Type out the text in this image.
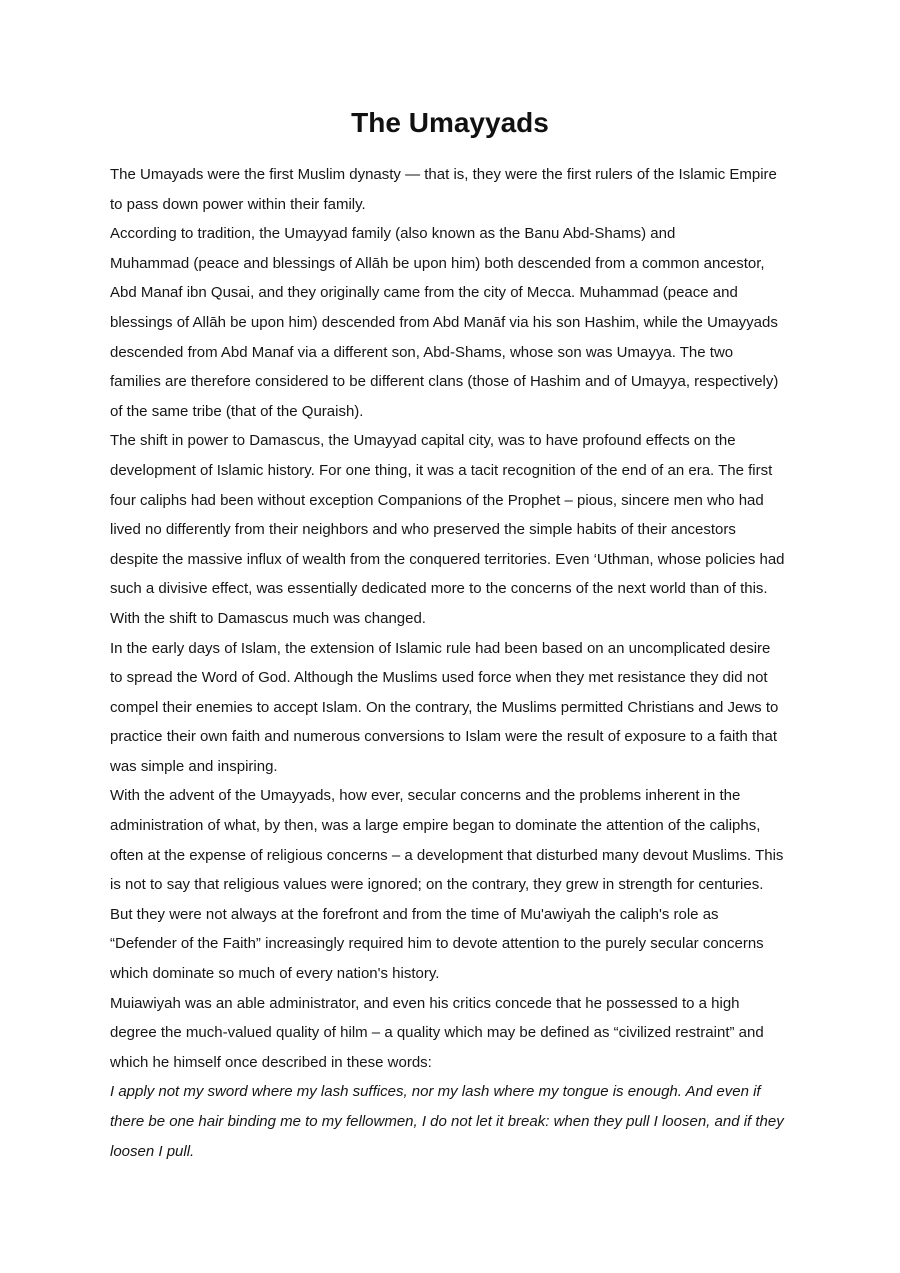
The Umayyads

The Umayads were the first Muslim dynasty — that is, they were the first rulers of the Islamic Empire
to pass down power within their family.

According to tradition, the Umayyad family (also known as the Banu Abd-Shams) and
Muhammad (peace and blessings of Allāh be upon him) both descended from a common ancestor,
Abd Manaf ibn Qusai, and they originally came from the city of Mecca. Muhammad (peace and
blessings of Allāh be upon him) descended from Abd Manāf via his son Hashim, while the Umayyads
descended from Abd Manaf via a different son, Abd-Shams, whose son was Umayya. The two
families are therefore considered to be different clans (those of Hashim and of Umayya, respectively)
of the same tribe (that of the Quraish).

The shift in power to Damascus, the Umayyad capital city, was to have profound effects on the
development of Islamic history. For one thing, it was a tacit recognition of the end of an era. The first
four caliphs had been without exception Companions of the Prophet – pious, sincere men who had
lived no differently from their neighbors and who preserved the simple habits of their ancestors
despite the massive influx of wealth from the conquered territories. Even ‘Uthman, whose policies had
such a divisive effect, was essentially dedicated more to the concerns of the next world than of this.
With the shift to Damascus much was changed.

In the early days of Islam, the extension of Islamic rule had been based on an uncomplicated desire
to spread the Word of God. Although the Muslims used force when they met resistance they did not
compel their enemies to accept Islam. On the contrary, the Muslims permitted Christians and Jews to
practice their own faith and numerous conversions to Islam were the result of exposure to a faith that
was simple and inspiring.

With the advent of the Umayyads, how ever, secular concerns and the problems inherent in the
administration of what, by then, was a large empire began to dominate the attention of the caliphs,
often at the expense of religious concerns – a development that disturbed many devout Muslims. This
is not to say that religious values were ignored; on the contrary, they grew in strength for centuries.
But they were not always at the forefront and from the time of Mu'awiyah the caliph's role as
“Defender of the Faith” increasingly required him to devote attention to the purely secular concerns
which dominate so much of every nation's history.

Muiawiyah was an able administrator, and even his critics concede that he possessed to a high
degree the much-valued quality of hilm – a quality which may be defined as “civilized restraint” and
which he himself once described in these words:

I apply not my sword where my lash suffices, nor my lash where my tongue is enough. And even if
there be one hair binding me to my fellowmen, I do not let it break: when they pull I loosen, and if they
loosen I pull.
